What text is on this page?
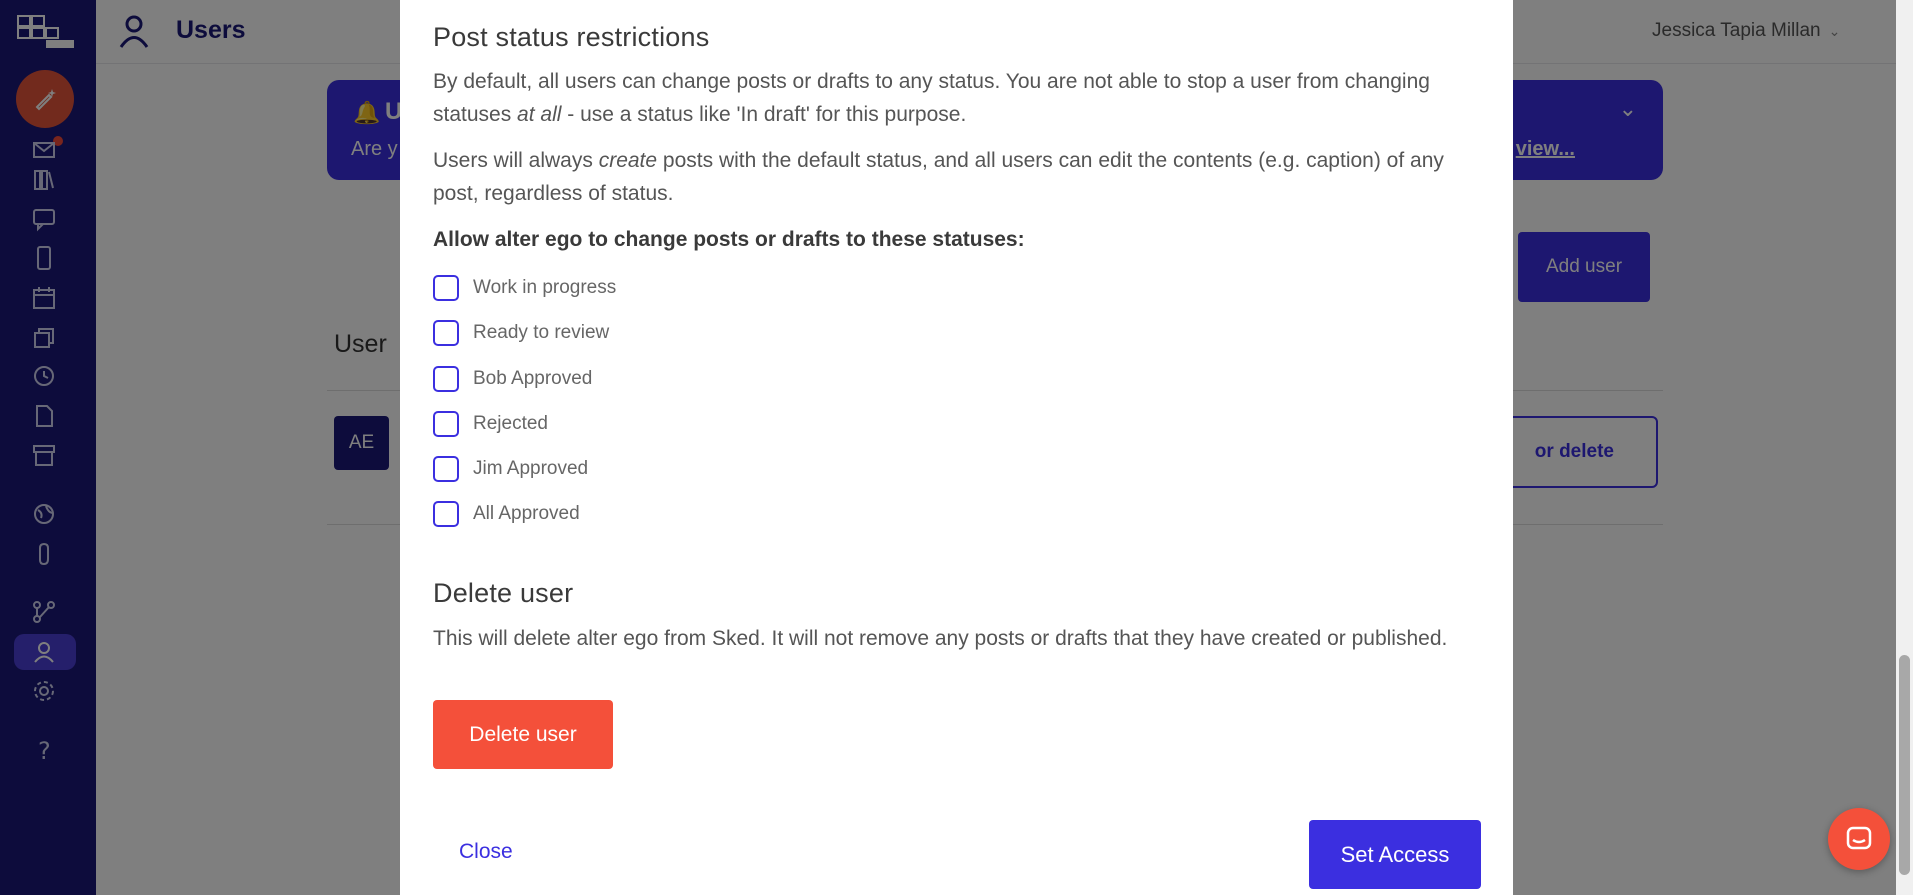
Post status restrictions

By default, all users can change posts or drafts to any status. You are not able to stop a user from changing statuses at all - use a status like 'In draft' for this purpose.

Users will always create posts with the default status, and all users can edit the contents (e.g. caption) of any post, regardless of status.

Allow alter ego to change posts or drafts to these statuses:
Work in progress
Ready to review
Bob Approved
Rejected
Jim Approved
All Approved
Delete user

This will delete alter ego from Sked. It will not remove any posts or drafts that they have created or published.

Delete user
Close	Set Access
